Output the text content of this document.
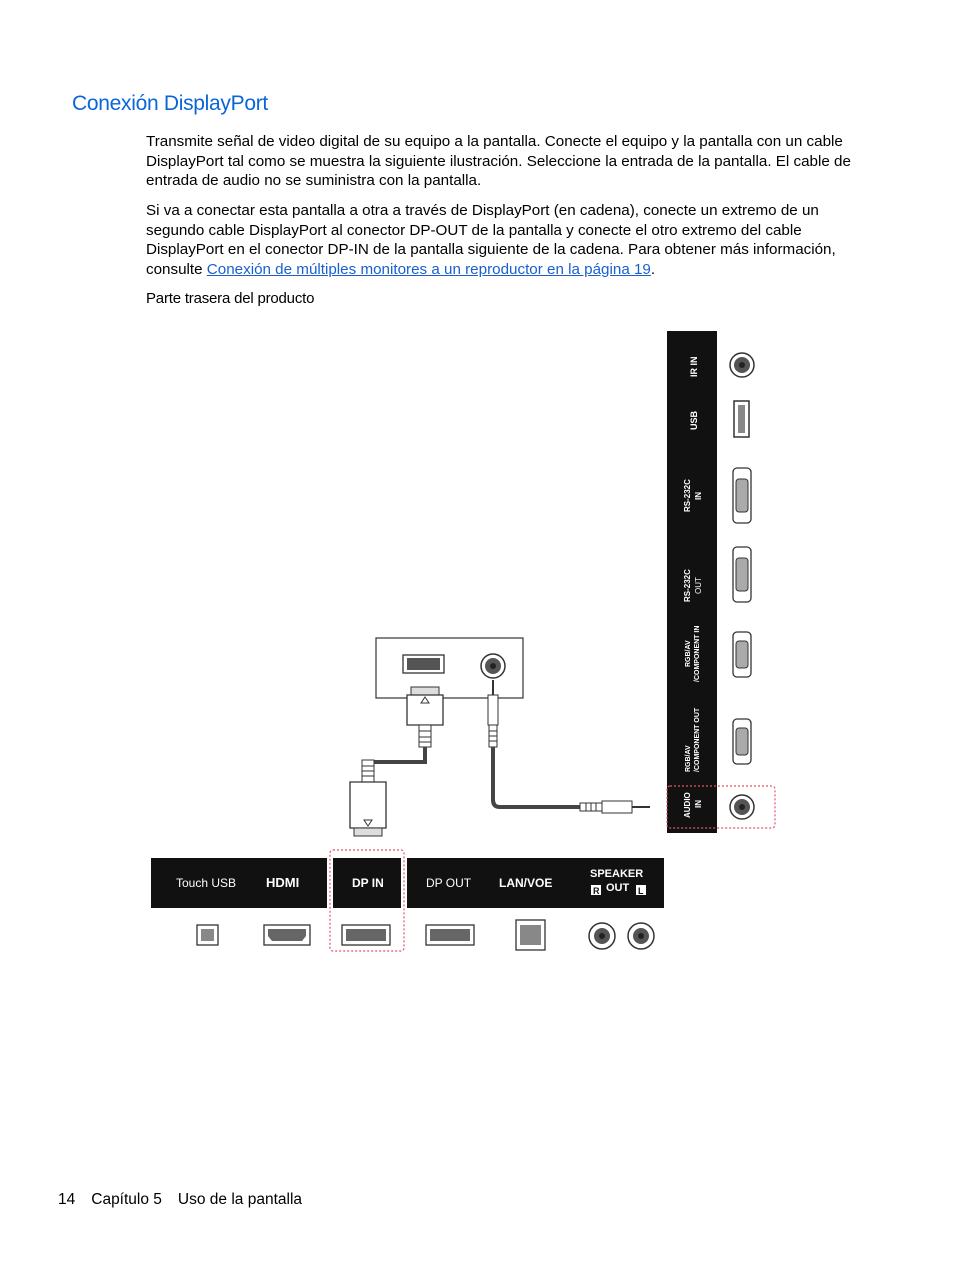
Conexión DisplayPort

Transmite señal de video digital de su equipo a la pantalla. Conecte el equipo y la pantalla con un cable DisplayPort tal como se muestra la siguiente ilustración. Seleccione la entrada de la pantalla. El cable de entrada de audio no se suministra con la pantalla.

Si va a conectar esta pantalla a otra a través de DisplayPort (en cadena), conecte un extremo de un segundo cable DisplayPort al conector DP-OUT de la pantalla y conecte el otro extremo del cable DisplayPort en el conector DP-IN de la pantalla siguiente de la cadena. Para obtener más información, consulte Conexión de múltiples monitores a un reproductor en la página 19.

Parte trasera del producto

IR IN
USB
RS-232C IN
RS-232C OUT
RGB/AV /COMPONENT IN
RGB/AV /COMPONENT OUT
AUDIO IN
Touch USB HDMI	DP IN	DP OUT LAN/VOE
SPEAKER
OUT
R	L
14 Capítulo 5 Uso de la pantalla
